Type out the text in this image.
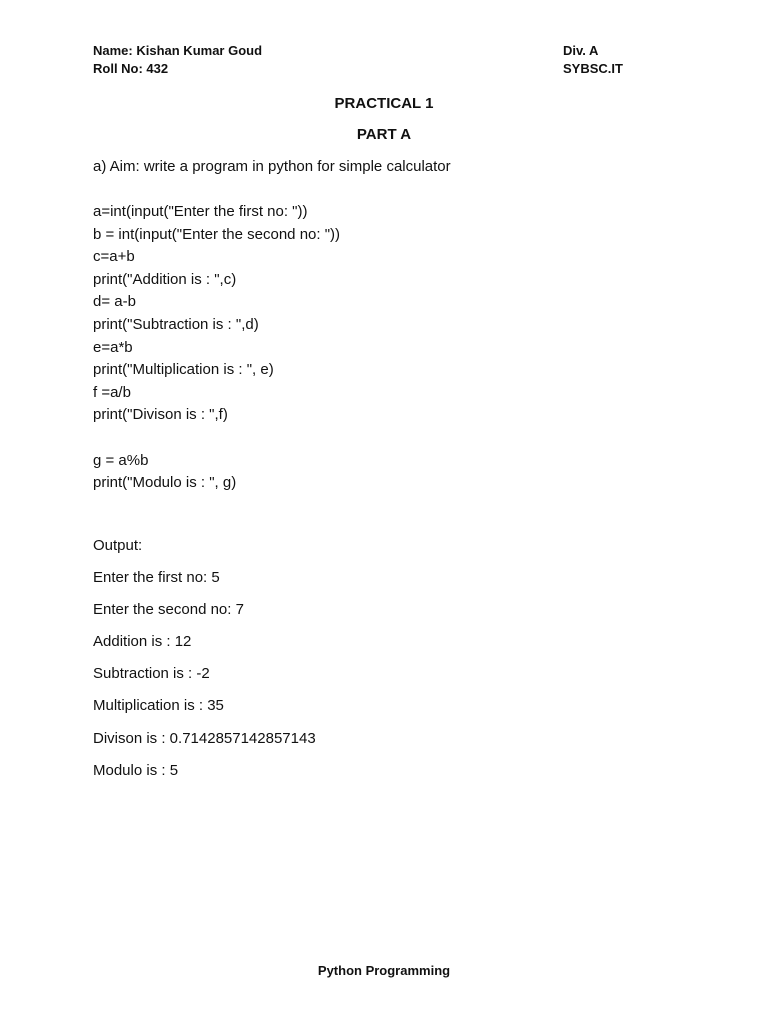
Name: Kishan Kumar Goud
Roll No: 432
Div. A
SYBSC.IT
PRACTICAL 1
PART A
a) Aim: write a program in python for simple calculator
a=int(input("Enter the first no: "))
b = int(input("Enter the second no: "))
c=a+b
print("Addition is : ",c)
d= a-b
print("Subtraction is : ",d)
e=a*b
print("Multiplication is : ", e)
f =a/b
print("Divison is : ",f)
g = a%b
print("Modulo is : ", g)
Output:
Enter the first no: 5
Enter the second no: 7
Addition is : 12
Subtraction is : -2
Multiplication is : 35
Divison is : 0.7142857142857143
Modulo is : 5
Python Programming
